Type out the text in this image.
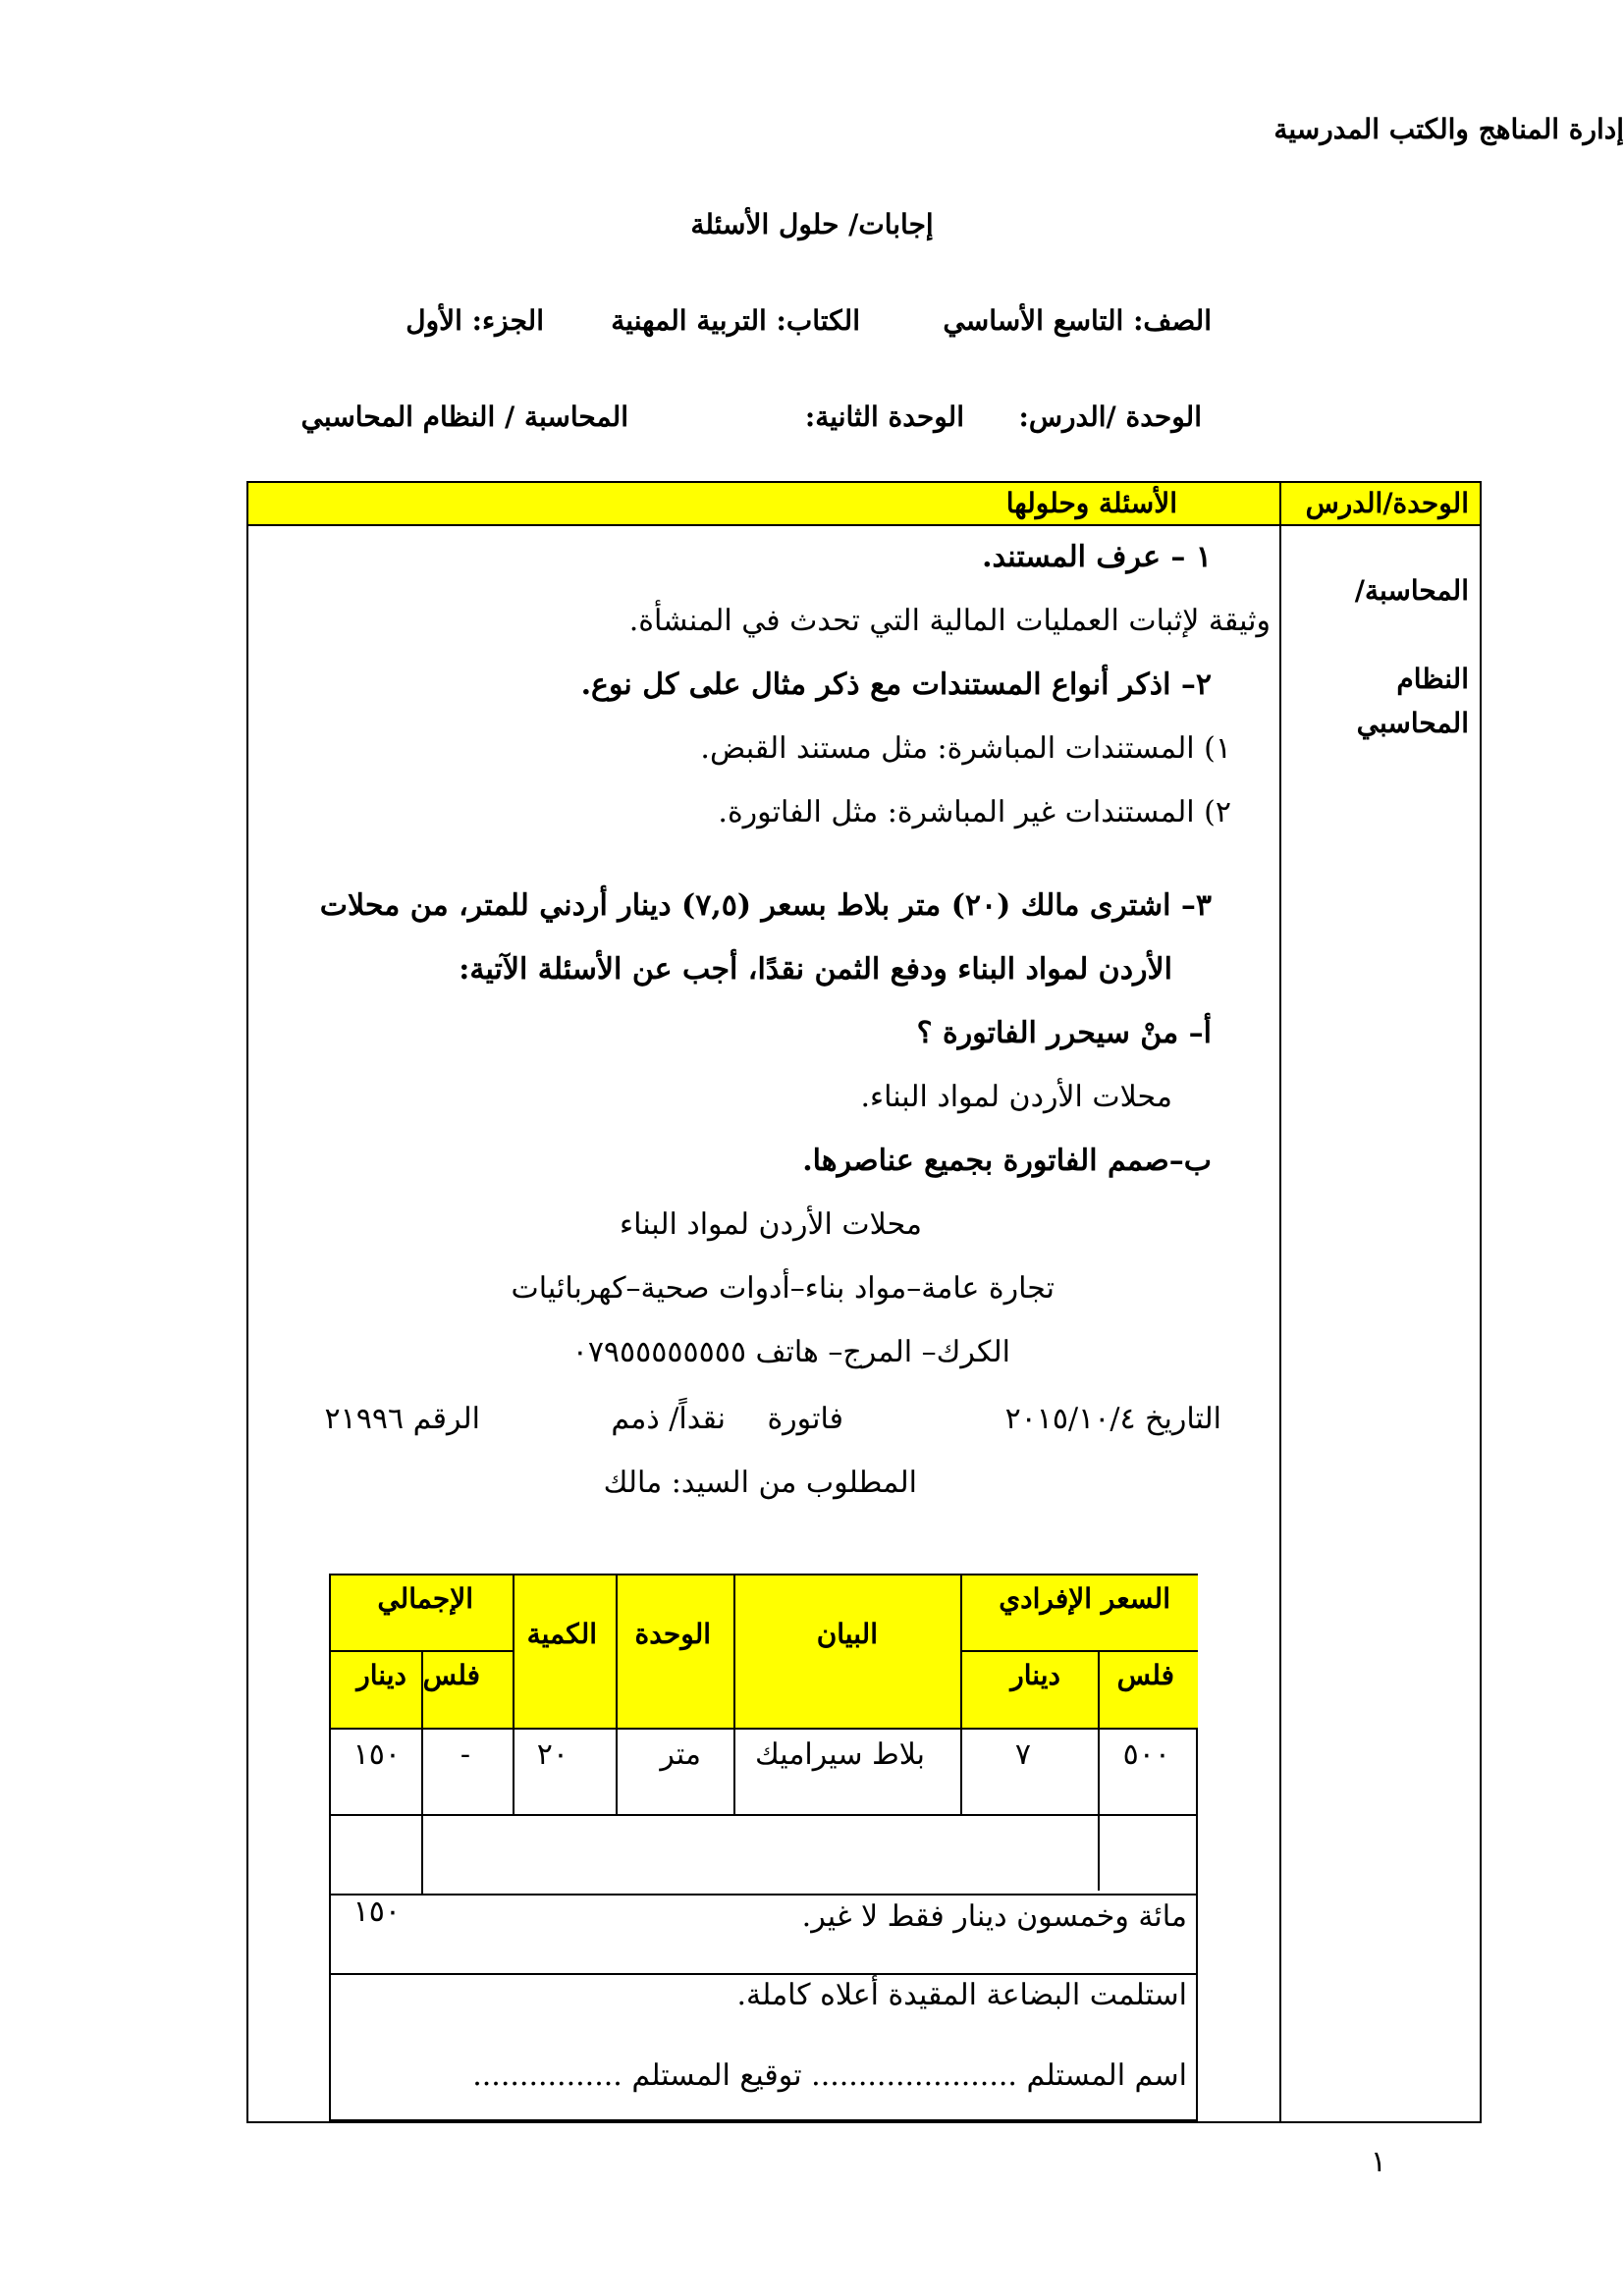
إدارة المناهج والكتب المدرسية
إجابات/ حلول الأسئلة
الصف: التاسع الأساسي
الكتاب: التربية المهنية
الجزء: الأول
الوحدة /الدرس:
الوحدة الثانية:
المحاسبة / النظام المحاسبي
الوحدة/الدرس
الأسئلة وحلولها
المحاسبة/
النظام
المحاسبي
١ – عرف المستند.
وثيقة لإثبات العمليات المالية التي تحدث في المنشأة.
٢– اذكر أنواع المستندات مع ذكر مثال على كل نوع.
١) المستندات المباشرة: مثل مستند القبض.
٢) المستندات غير المباشرة: مثل الفاتورة.
٣– اشترى مالك (٢٠) متر بلاط بسعر (٧,٥) دينار أردني للمتر، من محلات
الأردن لمواد البناء ودفع الثمن نقدًا، أجب عن الأسئلة الآتية:
أ– منْ سيحرر الفاتورة ؟
محلات الأردن لمواد البناء.
ب–صمم الفاتورة بجميع عناصرها.
محلات الأردن لمواد البناء
تجارة عامة–مواد بناء–أدوات صحية–كهربائيات
الكرك– المرج– هاتف ٠٧٩٥٥٥٥٥٥٥٥
التاريخ ٢٠١٥/١٠/٤
فاتورة
نقداً/ ذمم
الرقم ٢١٩٩٦
المطلوب من السيد: مالك
السعر الإفرادي
فلس
دينار
البيان
الوحدة
الكمية
الإجمالي
فلس
دينار
٥٠٠
٧
بلاط سيراميك
متر
٢٠
-
١٥٠
مائة وخمسون دينار فقط لا غير.
١٥٠
استلمت البضاعة المقيدة أعلاه كاملة.
اسم المستلم ...................... توقيع المستلم ................
١
